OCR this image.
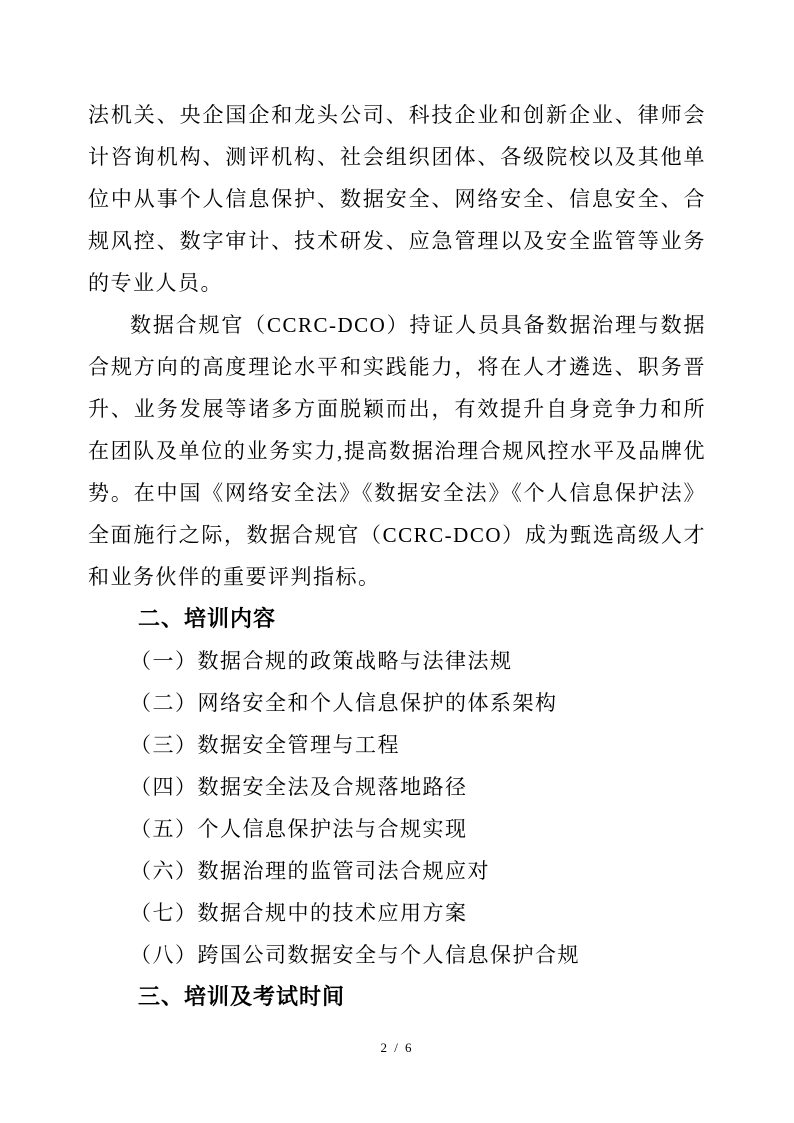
法机关、央企国企和龙头公司、科技企业和创新企业、律师会计咨询机构、测评机构、社会组织团体、各级院校以及其他单位中从事个人信息保护、数据安全、网络安全、信息安全、合规风控、数字审计、技术研发、应急管理以及安全监管等业务的专业人员。

数据合规官（CCRC-DCO）持证人员具备数据治理与数据合规方向的高度理论水平和实践能力，将在人才遴选、职务晋升、业务发展等诸多方面脱颖而出，有效提升自身竞争力和所在团队及单位的业务实力,提高数据治理合规风控水平及品牌优势。在中国《网络安全法》《数据安全法》《个人信息保护法》全面施行之际，数据合规官（CCRC-DCO）成为甄选高级人才和业务伙伴的重要评判指标。

二、培训内容

（一）数据合规的政策战略与法律法规

（二）网络安全和个人信息保护的体系架构

（三）数据安全管理与工程

（四）数据安全法及合规落地路径

（五）个人信息保护法与合规实现

（六）数据治理的监管司法合规应对

（七）数据合规中的技术应用方案

（八）跨国公司数据安全与个人信息保护合规

三、培训及考试时间

2 / 6
